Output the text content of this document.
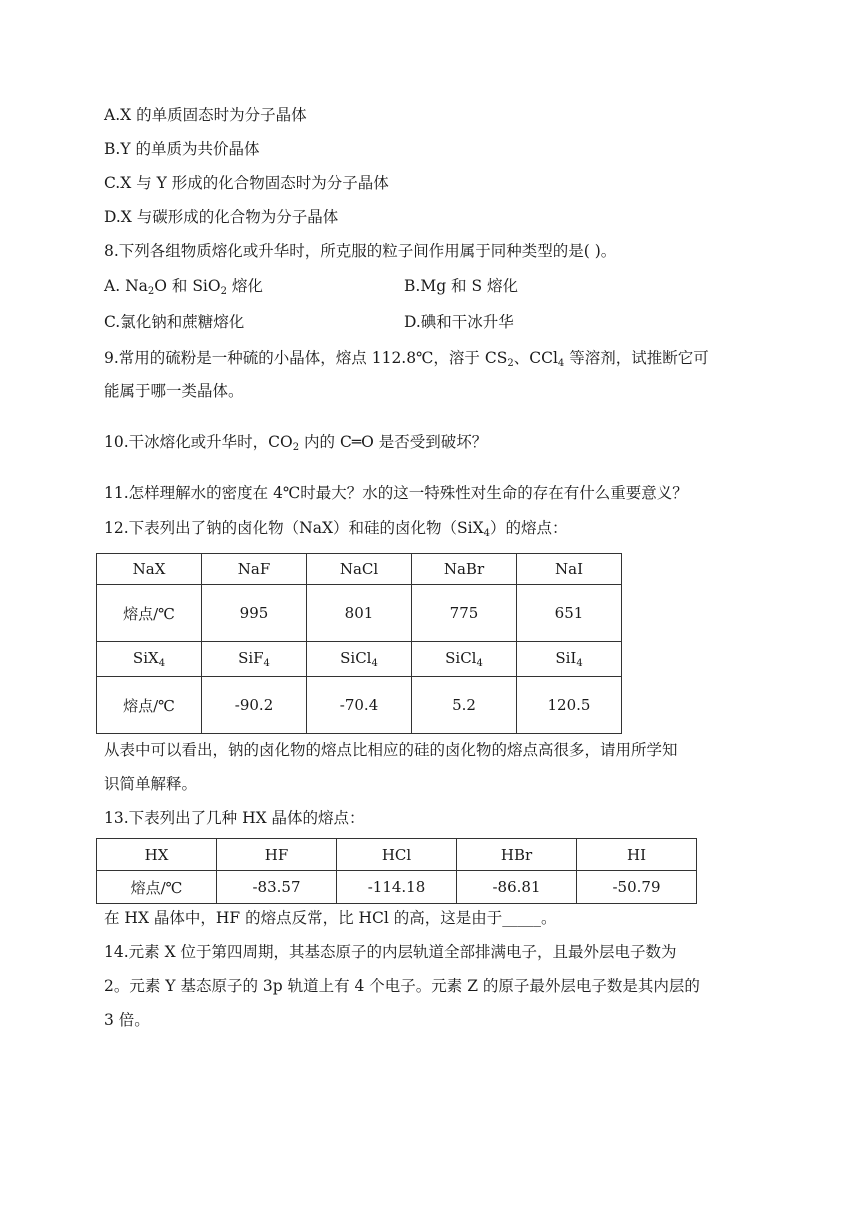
A.X 的单质固态时为分子晶体
B.Y 的单质为共价晶体
C.X 与 Y 形成的化合物固态时为分子晶体
D.X 与碳形成的化合物为分子晶体
8.下列各组物质熔化或升华时，所克服的粒子间作用属于同种类型的是( )。
A. $Na_2O$ 和 SiO$_2$ 熔化	B.Mg 和 S 熔化
C.氯化钠和蔗糖熔化	D.碘和干冰升华
9.常用的硫粉是一种硫的小晶体，熔点 112.8℃，溶于 $CS_2$、CCl$_4$ 等溶剂，试推断它可
能属于哪一类晶体。
10.干冰熔化或升华时，$CO_2$ 内的 C═O 是否受到破坏？
11.怎样理解水的密度在 4℃时最大？水的这一特殊性对生命的存在有什么重要意义？
12.下表列出了钠的卤化物（NaX）和硅的卤化物（SiX$_4$）的熔点：
NaX	NaF	NaCl	NaBr	NaI
熔点/℃	995	801	775	651
SiX$_4$	SiF$_4$	SiCl$_4$	SiCl$_4$	SiI$_4$
熔点/℃	-90.2	-70.4	5.2	120.5
从表中可以看出，钠的卤化物的熔点比相应的硅的卤化物的熔点高很多，请用所学知
识简单解释。
13.下表列出了几种 HX 晶体的熔点：
HX	HF	HCl	HBr	HI
熔点/℃	-83.57	-114.18	-86.81	-50.79
在 HX 晶体中，HF 的熔点反常，比 HCl 的高，这是由于_____。
14.元素 X 位于第四周期，其基态原子的内层轨道全部排满电子，且最外层电子数为
2。元素 Y 基态原子的 3p 轨道上有 4 个电子。元素 Z 的原子最外层电子数是其内层的
3 倍。
